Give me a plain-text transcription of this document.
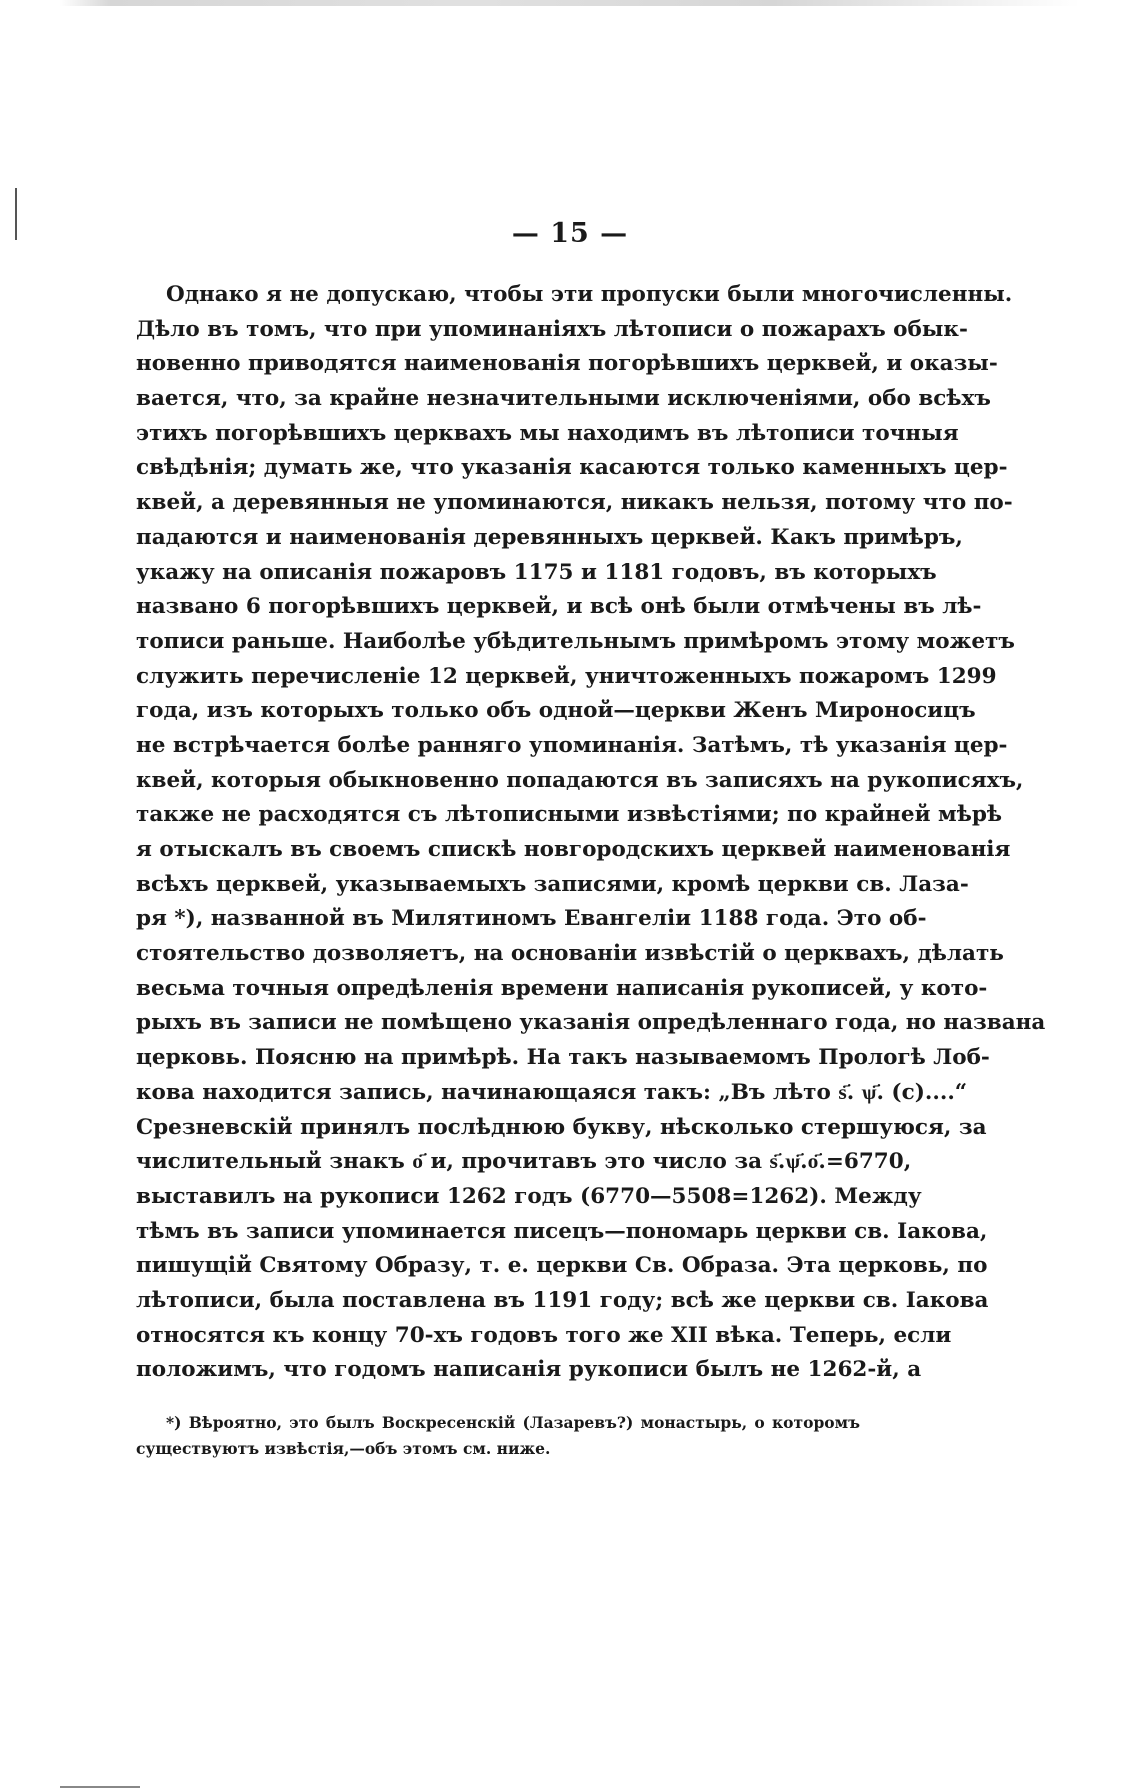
— 15 —
Однако я не допускаю, чтобы эти пропуски были многочисленны.
Дѣло въ томъ, что при упоминаніяхъ лѣтописи о пожарахъ обык-
новенно приводятся наименованія погорѣвшихъ церквей, и оказы-
вается, что, за крайне незначительными исключеніями, обо всѣхъ
этихъ погорѣвшихъ церквахъ мы находимъ въ лѣтописи точныя
свѣдѣнія; думать же, что указанія касаются только каменныхъ цер-
квей, а деревянныя не упоминаются, никакъ нельзя, потому что по-
падаются и наименованія деревянныхъ церквей. Какъ примѣръ,
укажу на описанія пожаровъ 1175 и 1181 годовъ, въ которыхъ
названо 6 погорѣвшихъ церквей, и всѣ онѣ были отмѣчены въ лѣ-
тописи раньше. Наиболѣе убѣдительнымъ примѣромъ этому можетъ
служить перечисленіе 12 церквей, уничтоженныхъ пожаромъ 1299
года, изъ которыхъ только объ одной—церкви Женъ Мироносицъ
не встрѣчается болѣе ранняго упоминанія. Затѣмъ, тѣ указанія цер-
квей, которыя обыкновенно попадаются въ записяхъ на рукописяхъ,
также не расходятся съ лѣтописными извѣстіями; по крайней мѣрѣ
я отыскалъ въ своемъ спискѣ новгородскихъ церквей наименованія
всѣхъ церквей, указываемыхъ записями, кромѣ церкви св. Лаза-
ря *), названной въ Милятиномъ Евангеліи 1188 года. Это об-
стоятельство дозволяетъ, на основаніи извѣстій о церквахъ, дѣлать
весьма точныя опредѣленія времени написанія рукописей, у кото-
рыхъ въ записи не помѣщено указанія опредѣленнаго года, но названа
церковь. Поясню на примѣрѣ. На такъ называемомъ Прологѣ Лоб-
кова находится запись, начинающаяся такъ: „Въ лѣто ѕ҃. ѱ҃. (с)....“
Срезневскій принялъ послѣднюю букву, нѣсколько стершуюся, за
числительный знакъ о҃ и, прочитавъ это число за ѕ҃.ѱ҃.о҃.=6770,
выставилъ на рукописи 1262 годъ (6770—5508=1262). Между
тѣмъ въ записи упоминается писецъ—пономарь церкви св. Іакова,
пишущій Святому Образу, т. е. церкви Св. Образа. Эта церковь, по
лѣтописи, была поставлена въ 1191 году; всѣ же церкви св. Іакова
относятся къ концу 70-хъ годовъ того же XII вѣка. Теперь, если
положимъ, что годомъ написанія рукописи былъ не 1262-й, а
*) Вѣроятно, это былъ Воскресенскій (Лазаревъ?) монастырь, о которомъ
существуютъ извѣстія,—объ этомъ см. ниже.
